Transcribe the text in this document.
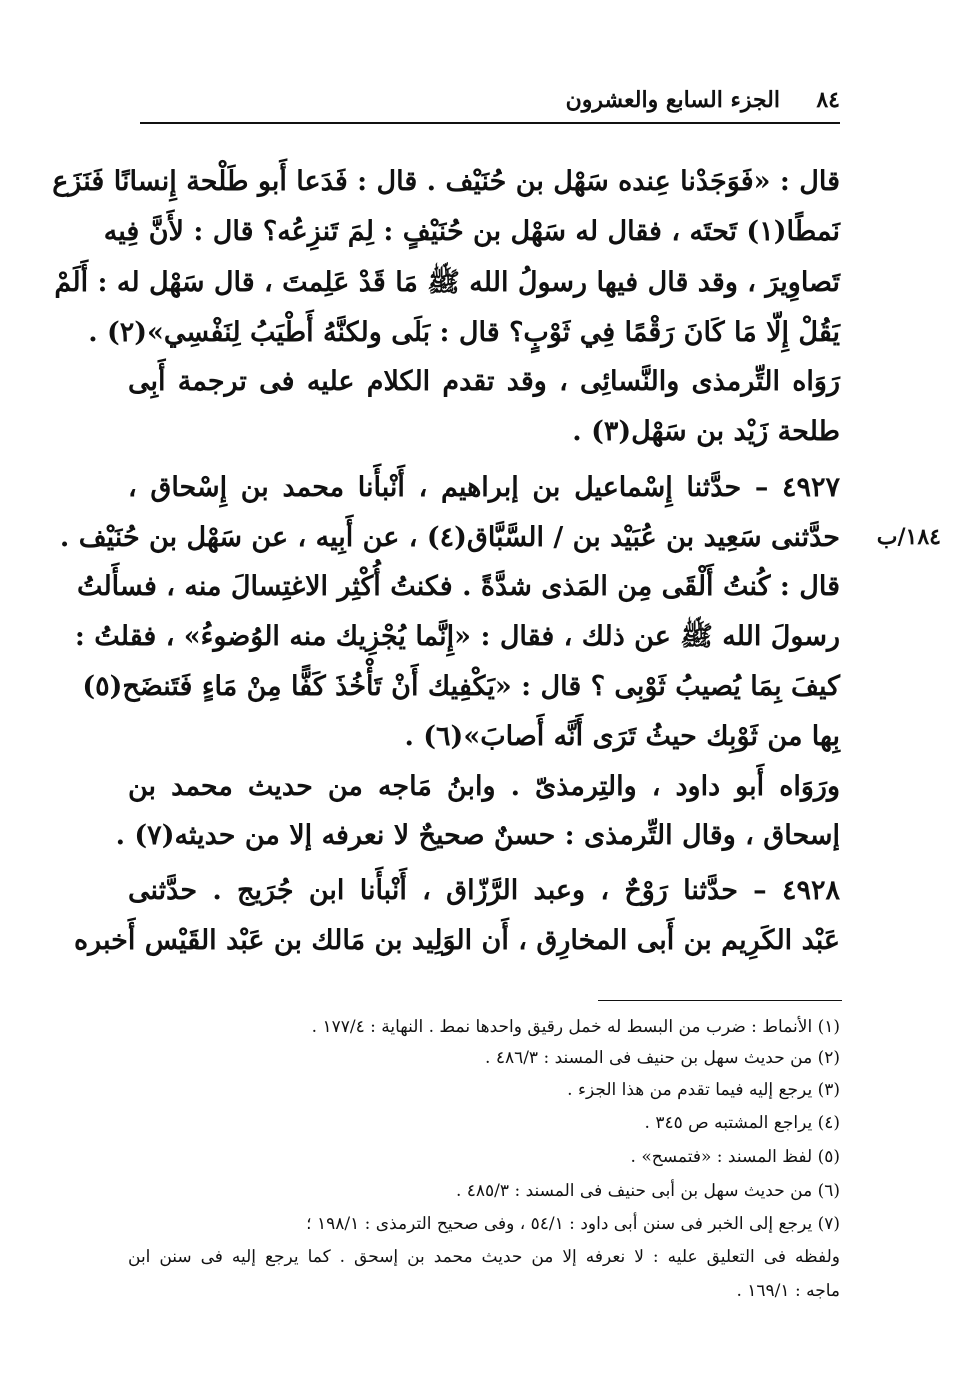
٨٤
الجزء السابع والعشرون
١٨٤/ب
قال : «فَوَجَدْنا عِنده سَهْل بن حُنَيْف . قال : فَدَعا أَبو طَلْحة إِنسانًا فَنَزَع
نَمطًا(١) تَحتَه ، فقال له سَهْل بن حُنَيْفٍ : لِمَ تَنزِعُه؟ قال : لأَنَّ فِيه
تَصاوِيرَ ، وقد قال فيها رسولُ الله ﷺ مَا قَدْ عَلِمتَ ، قال سَهْل له : أَلَمْ
يَقُلْ إِلّا مَا كَانَ رَقْمًا فِي ثَوْبٍ؟ قال : بَلَى ولكنَّهُ أَطْيَبُ لِنَفْسِي»(٢) .
رَوَاه التِّرمذى والنَّسائِى ، وقد تقدم الكلام عليه فى ترجمة أَبِى
طلحة زَيْد بن سَهْل(٣) .
٤٩٢٧ – حدَّثنا إِسْماعيل بن إبراهيم ، أَنْبأَنا محمد بن إِسْحاق ،
حدَّثنى سَعِيد بن عُبَيْد بن / السَّبَّاق(٤) ، عن أَبِيه ، عن سَهْل بن حُنَيْف .
قال : كُنتُ أَلْقَى مِن المَذى شدَّةً . فكنتُ أُكْثِر الاغتِسالَ منه ، فسأَلتُ
رسولَ الله ﷺ عن ذلك ، فقال : «إِنَّما يُجْزِيك منه الوُضوءُ» ، فقلتُ :
كيفَ بِمَا يُصيبُ ثَوْبِى ؟ قال : «يَكْفِيك أَنْ تَأْخُذَ كَفًّا مِنْ مَاءٍ فَتَنضَح(٥)
بِها من ثَوْبِك حيثُ تَرَى أَنَّه أَصابَ»(٦) .
ورَوَاه أَبو داود ، والتِرمذىّ . وابنُ مَاجه من حديث محمد بن
إسحاق ، وقال التِّرمذى : حسنٌ صحيحٌ لا نعرفه إلا من حديثه(٧) .
٤٩٢٨ – حدَّثنا رَوْحٌ ، وعبد الرَّزّاق ، أَنْبأَنا ابن جُرَيج . حدَّثنى
عَبْد الكَرِيم بن أَبى المخارِق ، أَن الوَلِيد بن مَالك بن عَبْد القَيْس أَخبره
(١) الأنماط : ضرب من البسط له خمل رقيق واحدها نمط . النهاية : ١٧٧/٤ .
(٢) من حديث سهل بن حنيف فى المسند : ٤٨٦/٣ .
(٣) يرجع إليه فيما تقدم من هذا الجزء .
(٤) يراجع المشتبه ص ٣٤٥ .
(٥) لفظ المسند : «فتمسح» .
(٦) من حديث سهل بن أبى حنيف فى المسند : ٤٨٥/٣ .
(٧) يرجع إلى الخبر فى سنن أبى داود : ٥٤/١ ، وفى صحيح الترمذى : ١٩٨/١ ؛
ولفظه فى التعليق عليه : لا نعرفه إلا من حديث محمد بن إسحق . كما يرجع إليه فى سنن ابن
ماجه : ١٦٩/١ .
